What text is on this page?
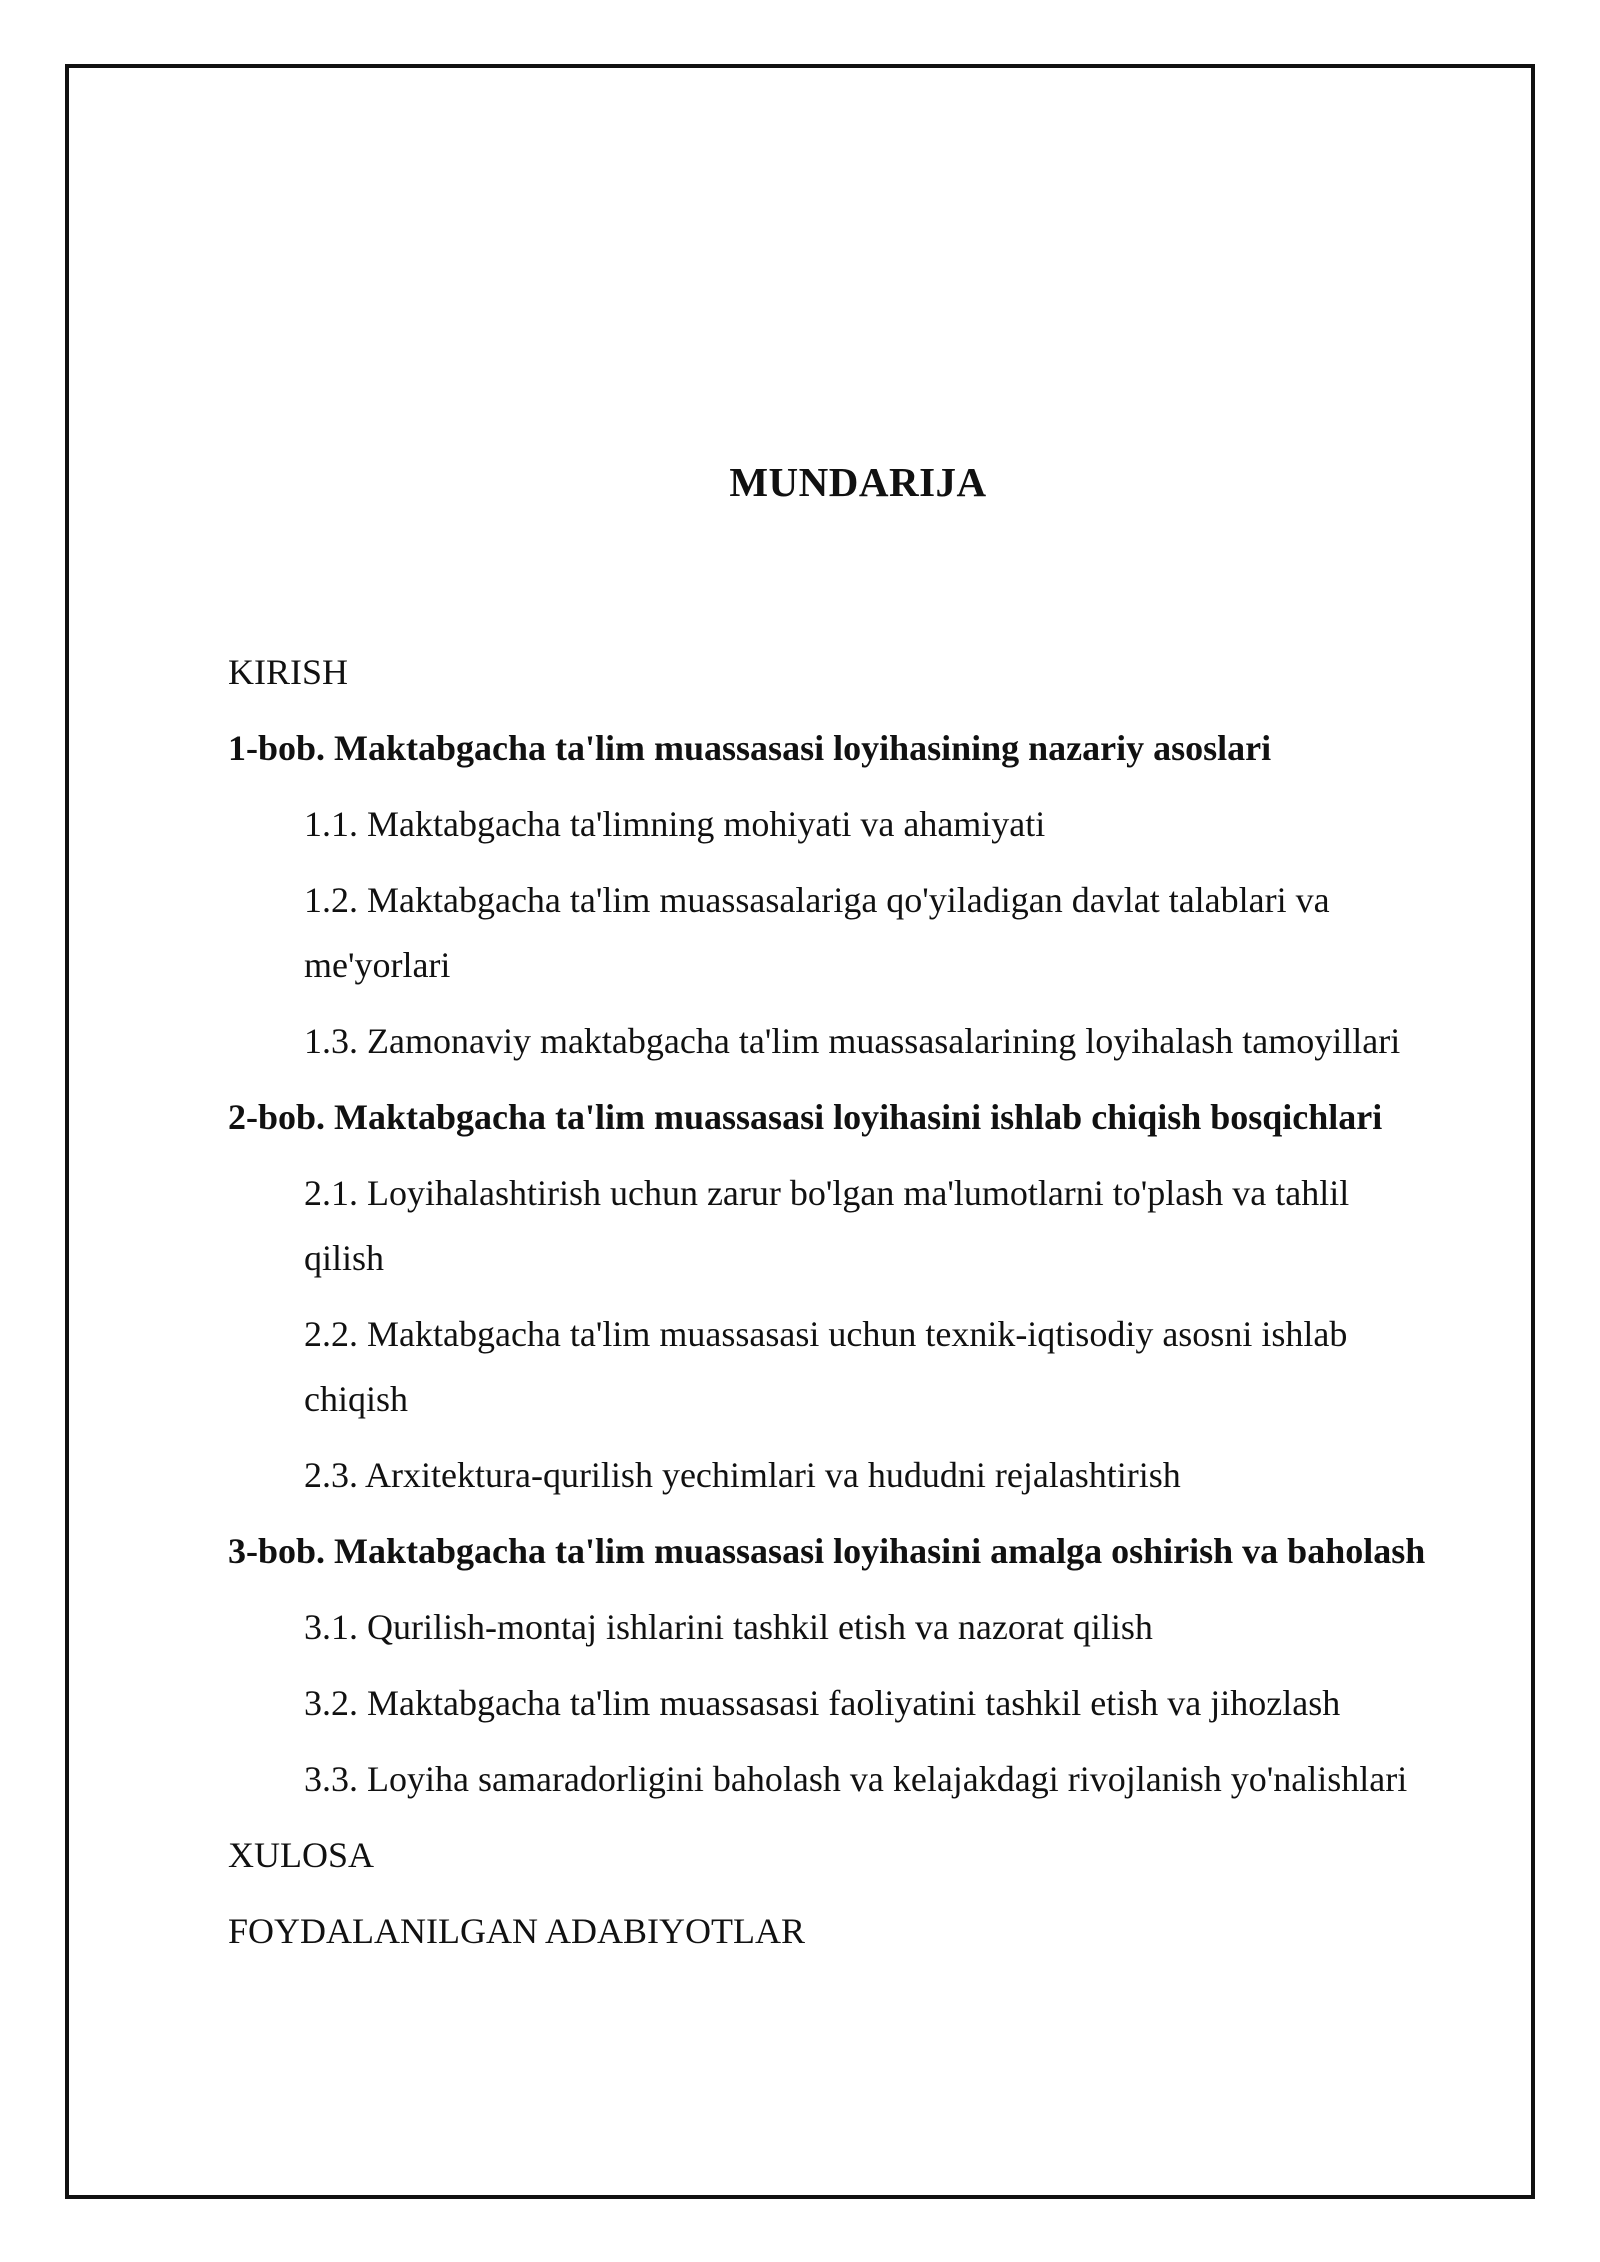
MUNDARIJA
KIRISH
1-bob. Maktabgacha ta'lim muassasasi loyihasining nazariy asoslari
1.1. Maktabgacha ta'limning mohiyati va ahamiyati
1.2. Maktabgacha ta'lim muassasalariga qo'yiladigan davlat talablari va me'yorlari
1.3. Zamonaviy maktabgacha ta'lim muassasalarining loyihalash tamoyillari
2-bob. Maktabgacha ta'lim muassasasi loyihasini ishlab chiqish bosqichlari
2.1. Loyihalashtirish uchun zarur bo'lgan ma'lumotlarni to'plash va tahlil qilish
2.2. Maktabgacha ta'lim muassasasi uchun texnik-iqtisodiy asosni ishlab chiqish
2.3. Arxitektura-qurilish yechimlari va hududni rejalashtirish
3-bob. Maktabgacha ta'lim muassasasi loyihasini amalga oshirish va baholash
3.1. Qurilish-montaj ishlarini tashkil etish va nazorat qilish
3.2. Maktabgacha ta'lim muassasasi faoliyatini tashkil etish va jihozlash
3.3. Loyiha samaradorligini baholash va kelajakdagi rivojlanish yo'nalishlari
XULOSA
FOYDALANILGAN ADABIYOTLAR
